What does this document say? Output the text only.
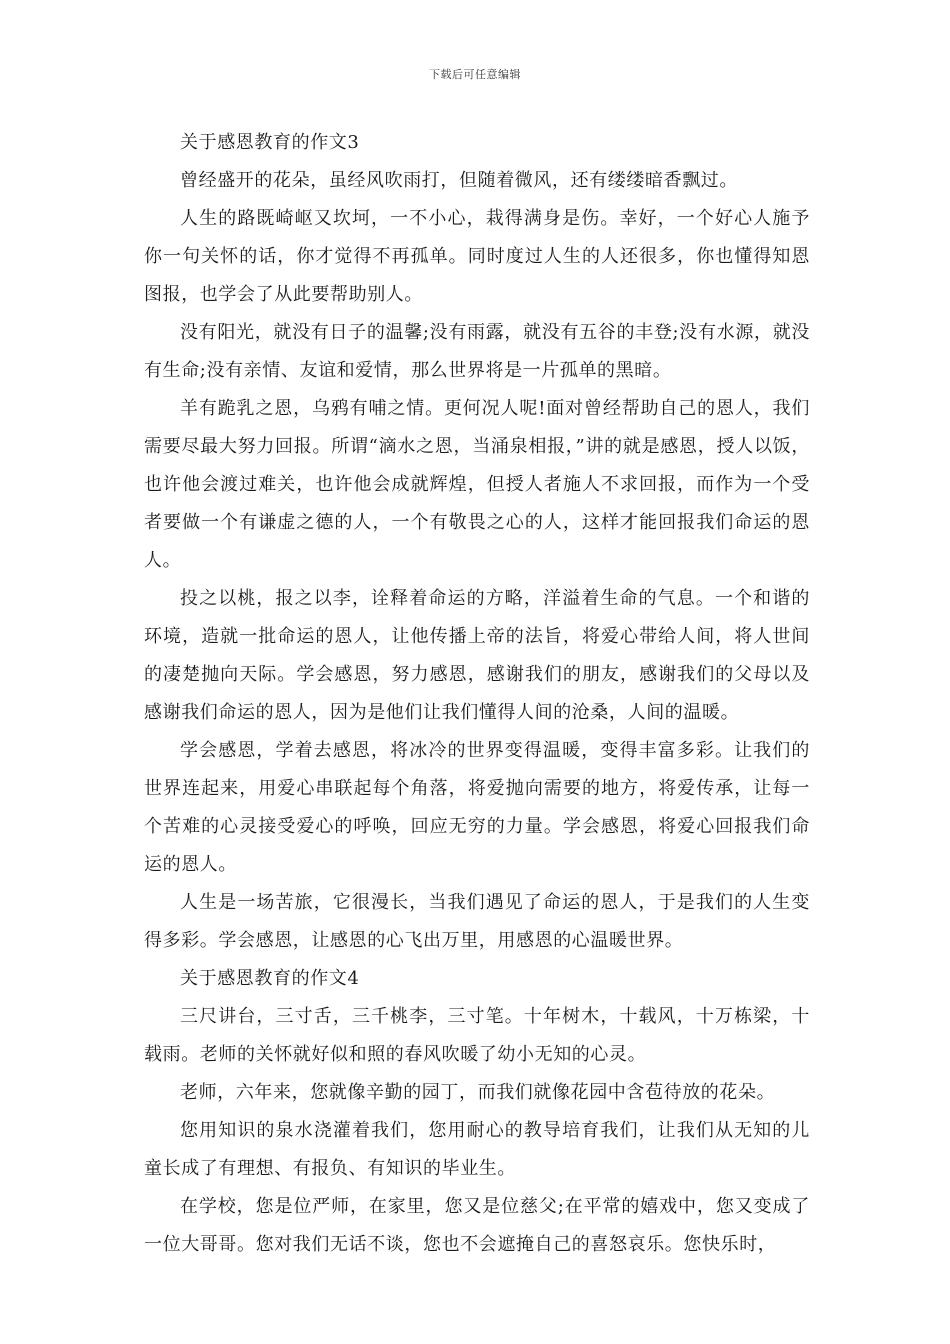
下载后可任意编辑

关于感恩教育的作文3

曾经盛开的花朵，虽经风吹雨打，但随着微风，还有缕缕暗香飘过。

人生的路既崎岖又坎坷，一不小心，栽得满身是伤。幸好，一个好心人施予你一句关怀的话，你才觉得不再孤单。同时度过人生的人还很多，你也懂得知恩图报，也学会了从此要帮助别人。

没有阳光，就没有日子的温馨;没有雨露，就没有五谷的丰登;没有水源，就没有生命;没有亲情、友谊和爱情，那么世界将是一片孤单的黑暗。

羊有跪乳之恩，乌鸦有哺之情。更何况人呢!面对曾经帮助自己的恩人，我们需要尽最大努力回报。所谓“滴水之恩，当涌泉相报，”讲的就是感恩，授人以饭，也许他会渡过难关，也许他会成就辉煌，但授人者施人不求回报，而作为一个受者要做一个有谦虚之德的人，一个有敬畏之心的人，这样才能回报我们命运的恩人。

投之以桃，报之以李，诠释着命运的方略，洋溢着生命的气息。一个和谐的环境，造就一批命运的恩人，让他传播上帝的法旨，将爱心带给人间，将人世间的凄楚抛向天际。学会感恩，努力感恩，感谢我们的朋友，感谢我们的父母以及感谢我们命运的恩人，因为是他们让我们懂得人间的沧桑，人间的温暖。

学会感恩，学着去感恩，将冰冷的世界变得温暖，变得丰富多彩。让我们的世界连起来，用爱心串联起每个角落，将爱抛向需要的地方，将爱传承，让每一个苦难的心灵接受爱心的呼唤，回应无穷的力量。学会感恩，将爱心回报我们命运的恩人。

人生是一场苦旅，它很漫长，当我们遇见了命运的恩人，于是我们的人生变得多彩。学会感恩，让感恩的心飞出万里，用感恩的心温暖世界。

关于感恩教育的作文4

三尺讲台，三寸舌，三千桃李，三寸笔。十年树木，十载风，十万栋梁，十载雨。老师的关怀就好似和照的春风吹暖了幼小无知的心灵。

老师，六年来，您就像辛勤的园丁，而我们就像花园中含苞待放的花朵。

您用知识的泉水浇灌着我们，您用耐心的教导培育我们，让我们从无知的儿童长成了有理想、有报负、有知识的毕业生。

在学校，您是位严师，在家里，您又是位慈父;在平常的嬉戏中，您又变成了一位大哥哥。您对我们无话不谈，您也不会遮掩自己的喜怒哀乐。您快乐时，
